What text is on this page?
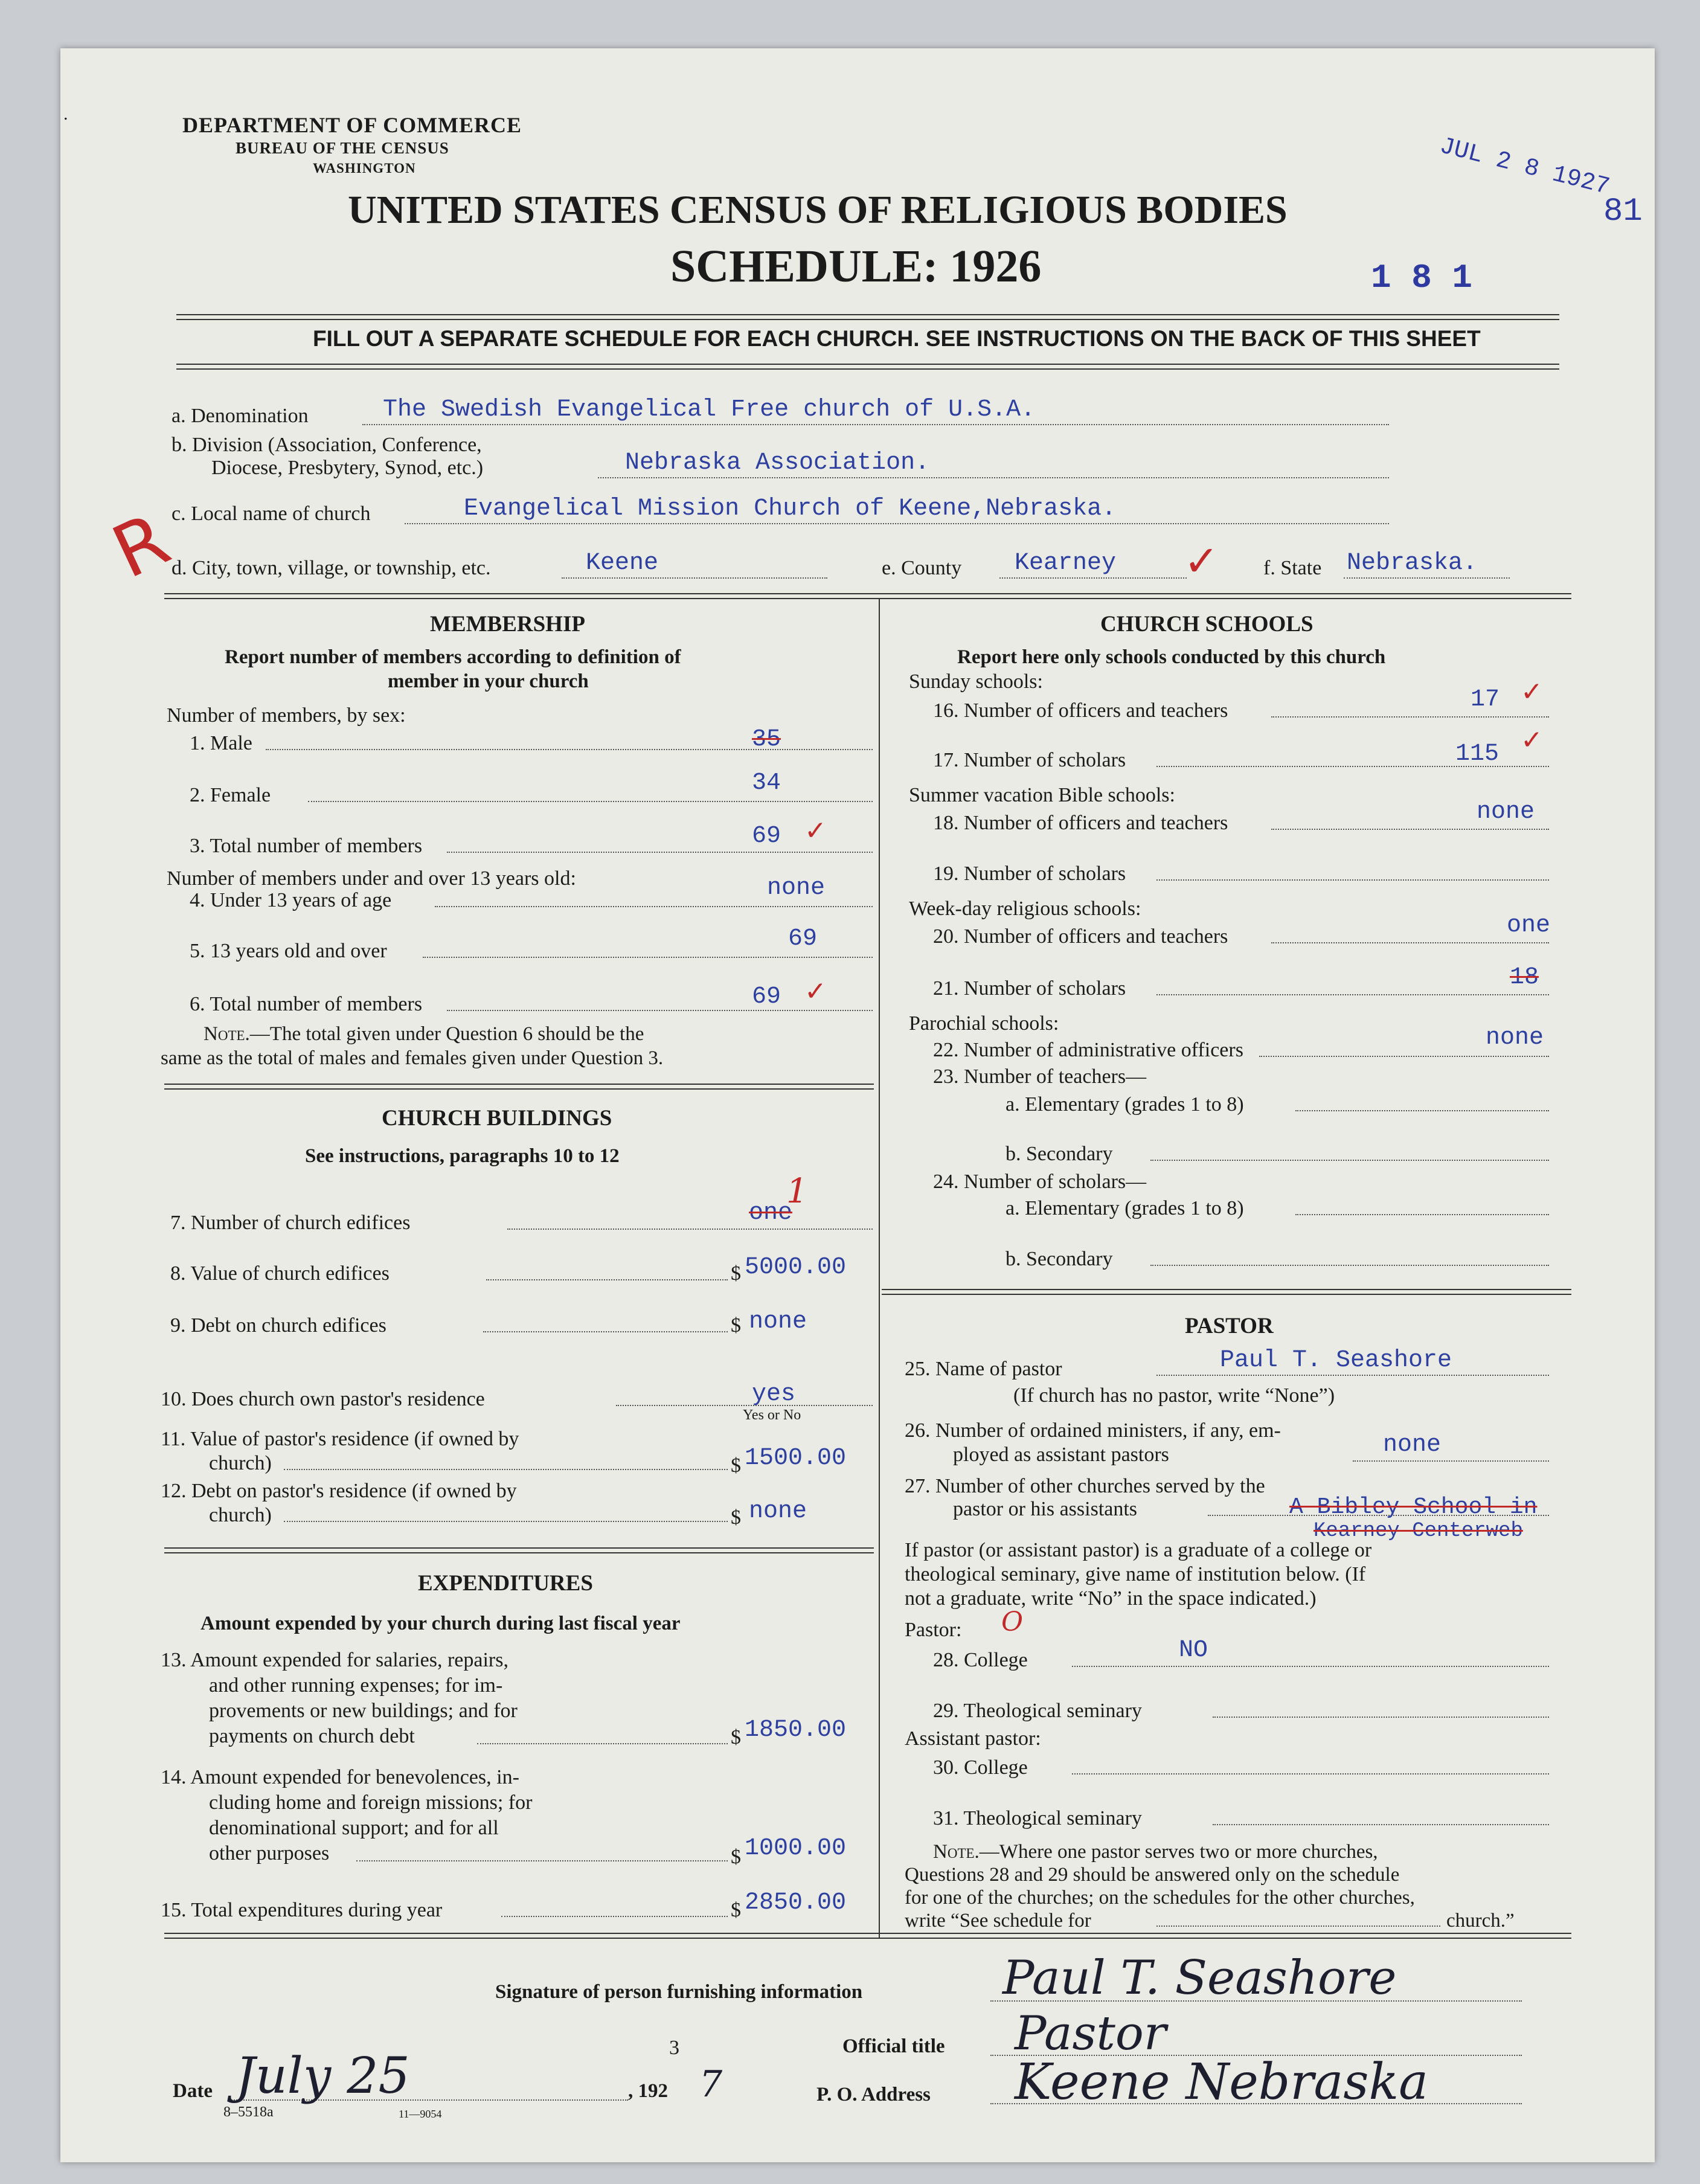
.	DEPARTMENT OF COMMERCE
BUREAU OF THE CENSUS
WASHINGTON	JUL 2 8 1927
81
UNITED STATES CENSUS OF RELIGIOUS BODIES
SCHEDULE: 1926	1 8 1
FILL OUT A SEPARATE SCHEDULE FOR EACH CHURCH. SEE INSTRUCTIONS ON THE BACK OF THIS SHEET
a. Denomination	The Swedish Evangelical Free church of U.S.A.
b. Division (Association, Conference,
Diocese, Presbytery, Synod, etc.)	Nebraska Association.
R
c. Local name of church	Evangelical Mission Church of Keene,Nebraska.
d. City, town, village, or township, etc.	Keene	e. County Kearney ✓ f. State Nebraska.
MEMBERSHIP
Report number of members according to definition of
member in your church
Number of members, by sex:
1. Male	35
2. Female	34
3. Total number of members	69 ✓
Number of members under and over 13 years old:
4. Under 13 years of age	none
5. 13 years old and over	69
6. Total number of members	69 ✓
Note.—The total given under Question 6 should be the
same as the total of males and females given under Question 3.
CHURCH BUILDINGS
See instructions, paragraphs 10 to 12
1
7. Number of church edifices	one
8. Value of church edifices	$ 5000.00
9. Debt on church edifices	$ none
10. Does church own pastor's residence	yes
Yes or No
11. Value of pastor's residence (if owned by
church)	$ 1500.00
12. Debt on pastor's residence (if owned by
church)	$ none
EXPENDITURES
Amount expended by your church during last fiscal year
13. Amount expended for salaries, repairs,
and other running expenses; for im-
provements or new buildings; and for
payments on church debt	$ 1850.00
14. Amount expended for benevolences, in-
cluding home and foreign missions; for
denominational support; and for all
other purposes	$ 1000.00
15. Total expenditures during year	$ 2850.00
CHURCH SCHOOLS
Report here only schools conducted by this church
Sunday schools:
16. Number of officers and teachers	17 ✓
17. Number of scholars	115 ✓
Summer vacation Bible schools:
18. Number of officers and teachers	none
19. Number of scholars
Week-day religious schools:
20. Number of officers and teachers	one
21. Number of scholars	18
Parochial schools:
22. Number of administrative officers	none
23. Number of teachers—
a. Elementary (grades 1 to 8)
b. Secondary
24. Number of scholars—
a. Elementary (grades 1 to 8)
b. Secondary
PASTOR
25. Name of pastor	Paul T. Seashore
(If church has no pastor, write “None”)
26. Number of ordained ministers, if any, em-
ployed as assistant pastors	none
27. Number of other churches served by the
pastor or his assistants	A Bibley School in
Kearney Centerweb
If pastor (or assistant pastor) is a graduate of a college or
theological seminary, give name of institution below. (If
not a graduate, write “No” in the space indicated.)
Pastor: O
28. College	NO
29. Theological seminary
Assistant pastor:
30. College
31. Theological seminary
Note.—Where one pastor serves two or more churches,
Questions 28 and 29 should be answered only on the schedule
for one of the churches; on the schedules for the other churches,
write “See schedule for	church.”
Signature of person furnishing information	Paul T. Seashore
3	Official title Pastor
Date July 25	, 192 7	P. O. Address Keene Nebraska
8–5518a	11—9054
